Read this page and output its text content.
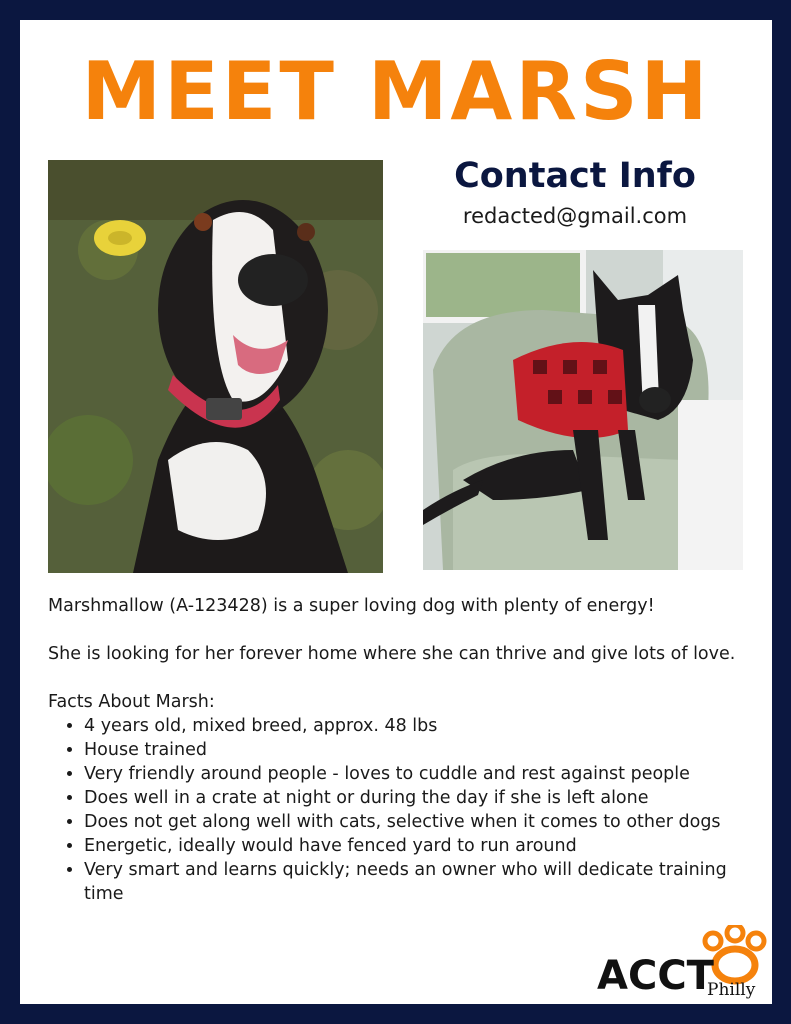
MEET MARSH
Contact Info
redacted@gmail.com

Marshmallow (A-123428) is a super loving dog with plenty of energy!

She is looking for her forever home where she can thrive and give lots of love.

Facts About Marsh:
• 4 years old, mixed breed, approx. 48 lbs
• House trained
• Very friendly around people - loves to cuddle and rest against people
• Does well in a crate at night or during the day if she is left alone
• Does not get along well with cats, selective when it comes to other dogs
• Energetic, ideally would have fenced yard to run around
• Very smart and learns quickly; needs an owner who will dedicate training time
ACCT
Philly
